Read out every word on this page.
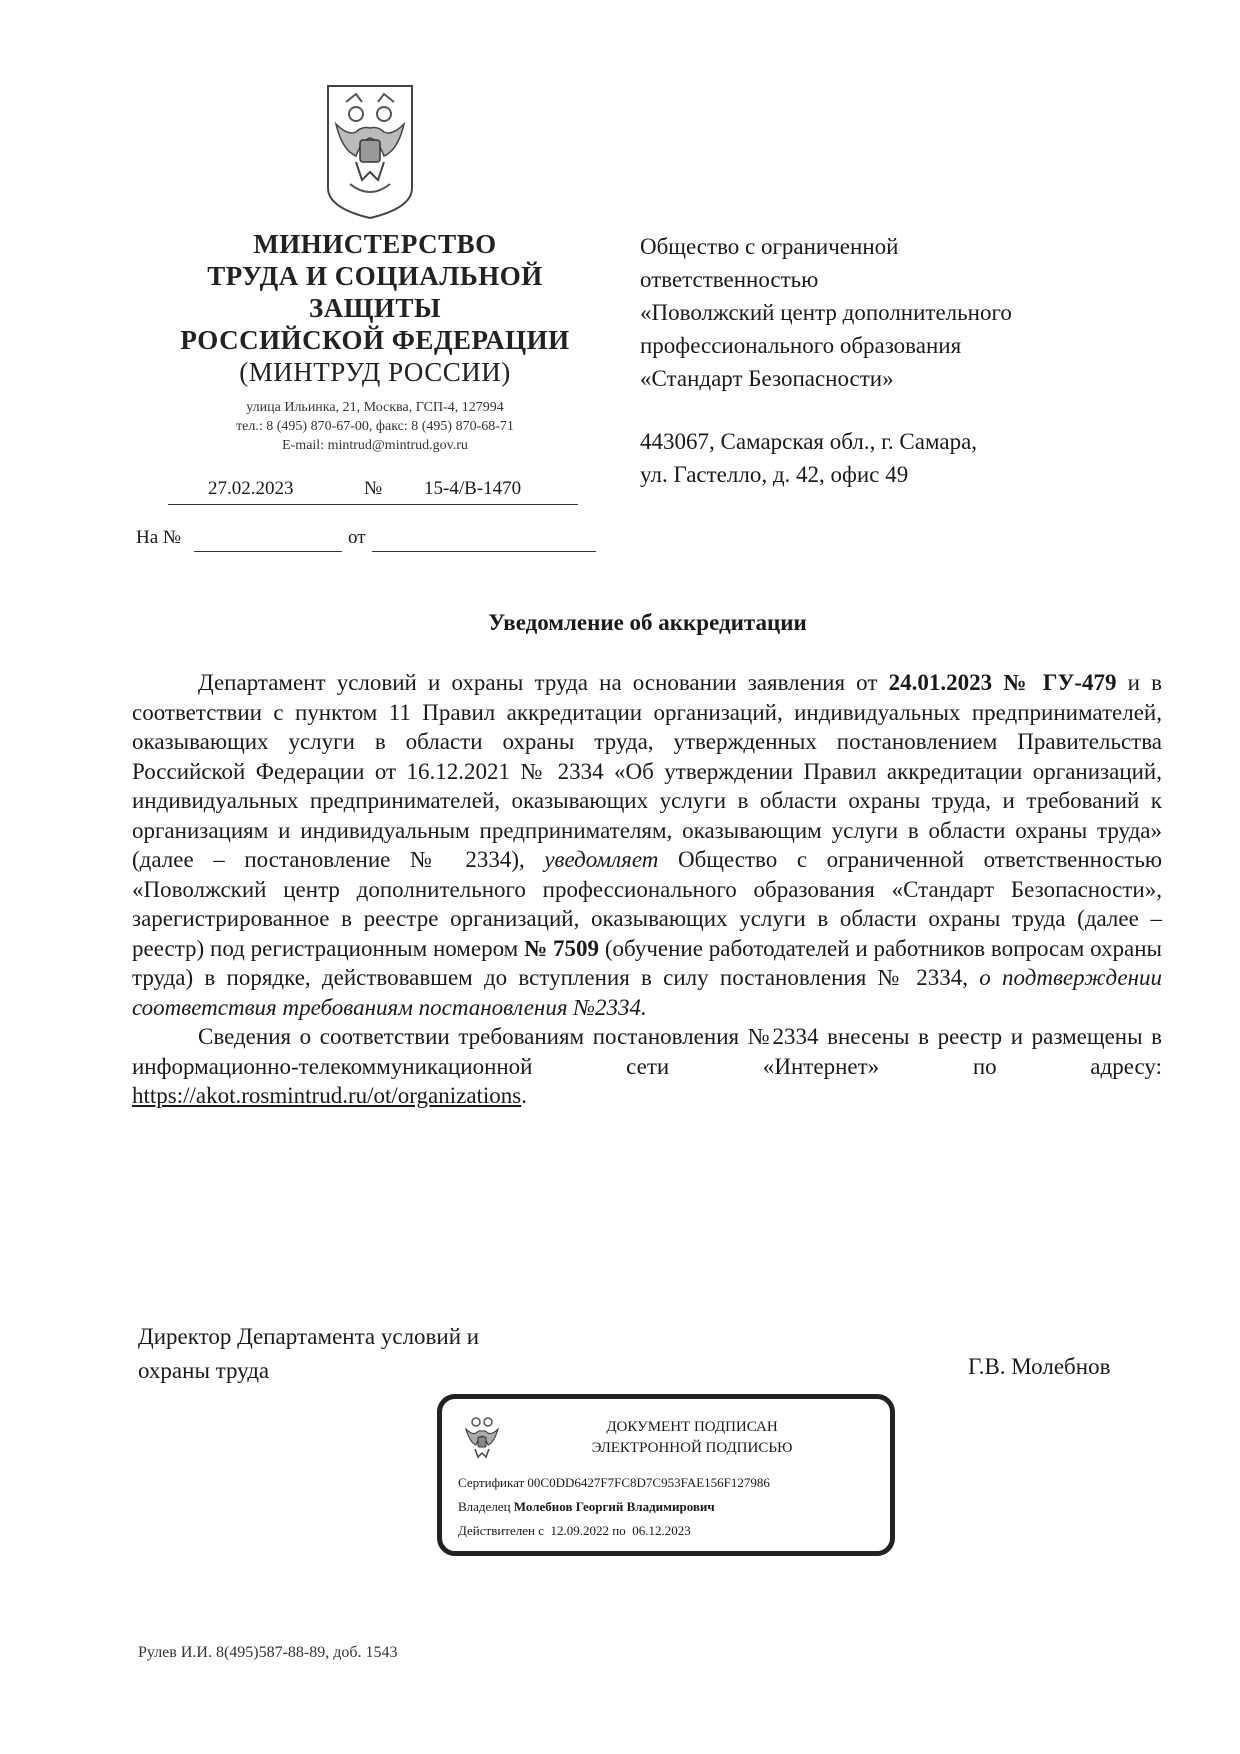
МИНИСТЕРСТВО
ТРУДА И СОЦИАЛЬНОЙ
ЗАЩИТЫ
РОССИЙСКОЙ ФЕДЕРАЦИИ
(МИНТРУД РОССИИ)
улица Ильинка, 21, Москва, ГСП-4, 127994
тел.: 8 (495) 870-67-00, факс: 8 (495) 870-68-71
E-mail: mintrud@mintrud.gov.ru
27.02.2023	№ 15-4/В-1470
На №	от
Общество с ограниченной
ответственностью
«Поволжский центр дополнительного
профессионального образования
«Стандарт Безопасности»
443067, Самарская обл., г. Самара,
ул. Гастелло, д. 42, офис 49
Уведомление об аккредитации

Департамент условий и охраны труда на основании заявления от 24.01.2023 № ГУ-479 и в соответствии с пунктом 11 Правил аккредитации организаций, индивидуальных предпринимателей, оказывающих услуги в области охраны труда, утвержденных постановлением Правительства Российской Федерации от 16.12.2021 № 2334 «Об утверждении Правил аккредитации организаций, индивидуальных предпринимателей, оказывающих услуги в области охраны труда, и требований к организациям и индивидуальным предпринимателям, оказывающим услуги в области охраны труда» (далее – постановление № 2334), уведомляет Общество с ограниченной ответственностью «Поволжский центр дополнительного профессионального образования «Стандарт Безопасности», зарегистрированное в реестре организаций, оказывающих услуги в области охраны труда (далее – реестр) под регистрационным номером № 7509 (обучение работодателей и работников вопросам охраны труда) в порядке, действовавшем до вступления в силу постановления № 2334, о подтверждении соответствия требованиям постановления №2334.

Сведения о соответствии требованиям постановления №2334 внесены в реестр и размещены в информационно-телекоммуникационной сети «Интернет» по адресу: https://akot.rosmintrud.ru/ot/organizations.

Директор Департамента условий и
охраны труда	Г.В. Молебнов
ДОКУМЕНТ ПОДПИСАН
ЭЛЕКТРОННОЙ ПОДПИСЬЮ
Сертификат 00C0DD6427F7FC8D7C953FAE156F127986
Владелец Молебнов Георгий Владимирович
Действителен с 12.09.2022 по 06.12.2023
Рулев И.И. 8(495)587-88-89, доб. 1543
